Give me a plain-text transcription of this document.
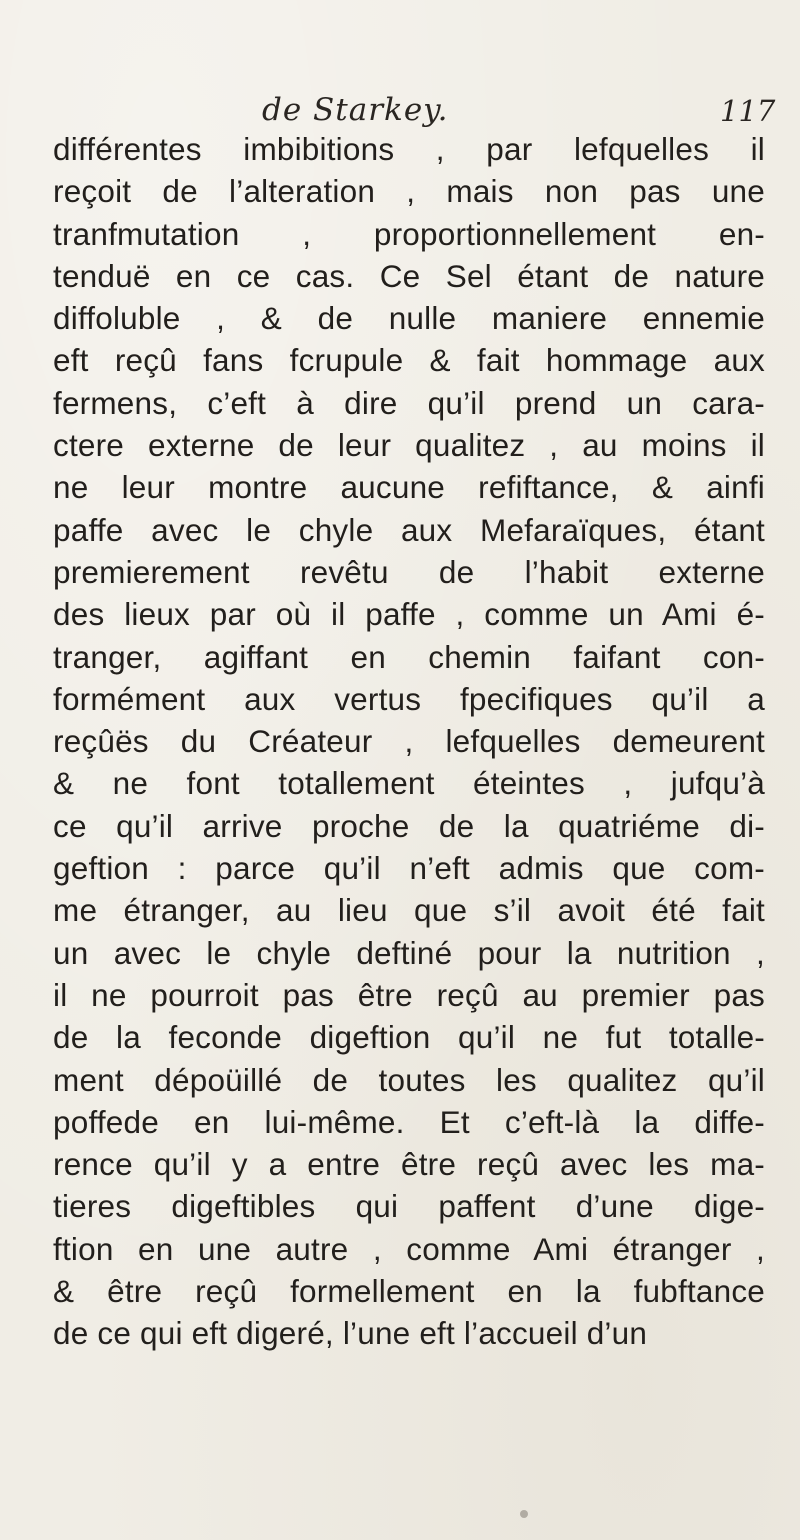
de Starkey.	117
différentes imbibitions , par lefquelles il
reçoit de l’alteration , mais non pas une
tranfmutation , proportionnellement en-
tenduë en ce cas. Ce Sel étant de nature
diffoluble , & de nulle maniere ennemie
eft reçû fans fcrupule & fait hommage aux
fermens, c’eft à dire qu’il prend un cara-
ctere externe de leur qualitez , au moins il
ne leur montre aucune refiftance, & ainfi
paffe avec le chyle aux Mefaraïques, étant
premierement revêtu de l’habit externe
des lieux par où il paffe , comme un Ami é-
tranger, agiffant en chemin faifant con-
formément aux vertus fpecifiques qu’il a
reçûës du Créateur , lefquelles demeurent
& ne font totallement éteintes , jufqu’à
ce qu’il arrive proche de la quatriéme di-
geftion : parce qu’il n’eft admis que com-
me étranger, au lieu que s’il avoit été fait
un avec le chyle deftiné pour la nutrition ,
il ne pourroit pas être reçû au premier pas
de la feconde digeftion qu’il ne fut totalle-
ment dépoüillé de toutes les qualitez qu’il
poffede en lui-même. Et c’eft-là la diffe-
rence qu’il y a entre être reçû avec les ma-
tieres digeftibles qui paffent d’une dige-
ftion en une autre , comme Ami étranger ,
& être reçû formellement en la fubftance
de ce qui eft digeré, l’une eft l’accueil d’un
